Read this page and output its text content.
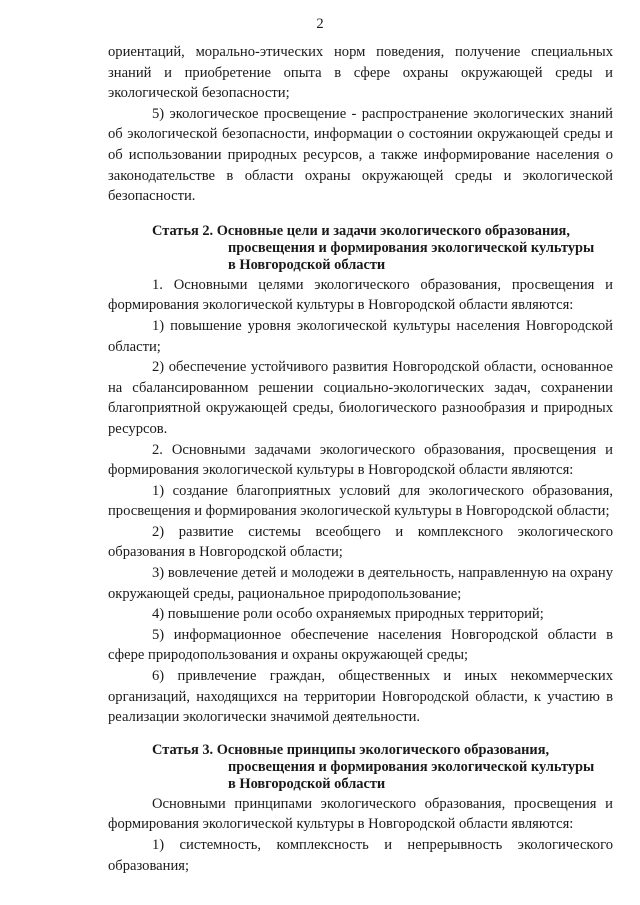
2

ориентаций, морально-этических норм поведения, получение специальных знаний и приобретение опыта в сфере охраны окружающей среды и экологической безопасности;

5) экологическое просвещение - распространение экологических знаний об экологической безопасности, информации о состоянии окружающей среды и об использовании природных ресурсов, а также информирование населения о законодательстве в области охраны окружающей среды и экологической безопасности.

Статья 2. Основные цели и задачи экологического образования,
просвещения и формирования экологической культуры
в Новгородской области

1. Основными целями экологического образования, просвещения и формирования экологической культуры в Новгородской области являются:

1) повышение уровня экологической культуры населения Новгородской области;

2) обеспечение устойчивого развития Новгородской области, основанное на сбалансированном решении социально-экологических задач, сохранении благоприятной окружающей среды, биологического разнообразия и природных ресурсов.

2. Основными задачами экологического образования, просвещения и формирования экологической культуры в Новгородской области являются:

1) создание благоприятных условий для экологического образования, просвещения и формирования экологической культуры в Новгородской области;

2) развитие системы всеобщего и комплексного экологического образования в Новгородской области;

3) вовлечение детей и молодежи в деятельность, направленную на охрану окружающей среды, рациональное природопользование;

4) повышение роли особо охраняемых природных территорий;

5) информационное обеспечение населения Новгородской области в сфере природопользования и охраны окружающей среды;

6) привлечение граждан, общественных и иных некоммерческих организаций, находящихся на территории Новгородской области, к участию в реализации экологически значимой деятельности.

Статья 3. Основные принципы экологического образования,
просвещения и формирования экологической культуры
в Новгородской области

Основными принципами экологического образования, просвещения и формирования экологической культуры в Новгородской области являются:

1) системность, комплексность и непрерывность экологического образования;
